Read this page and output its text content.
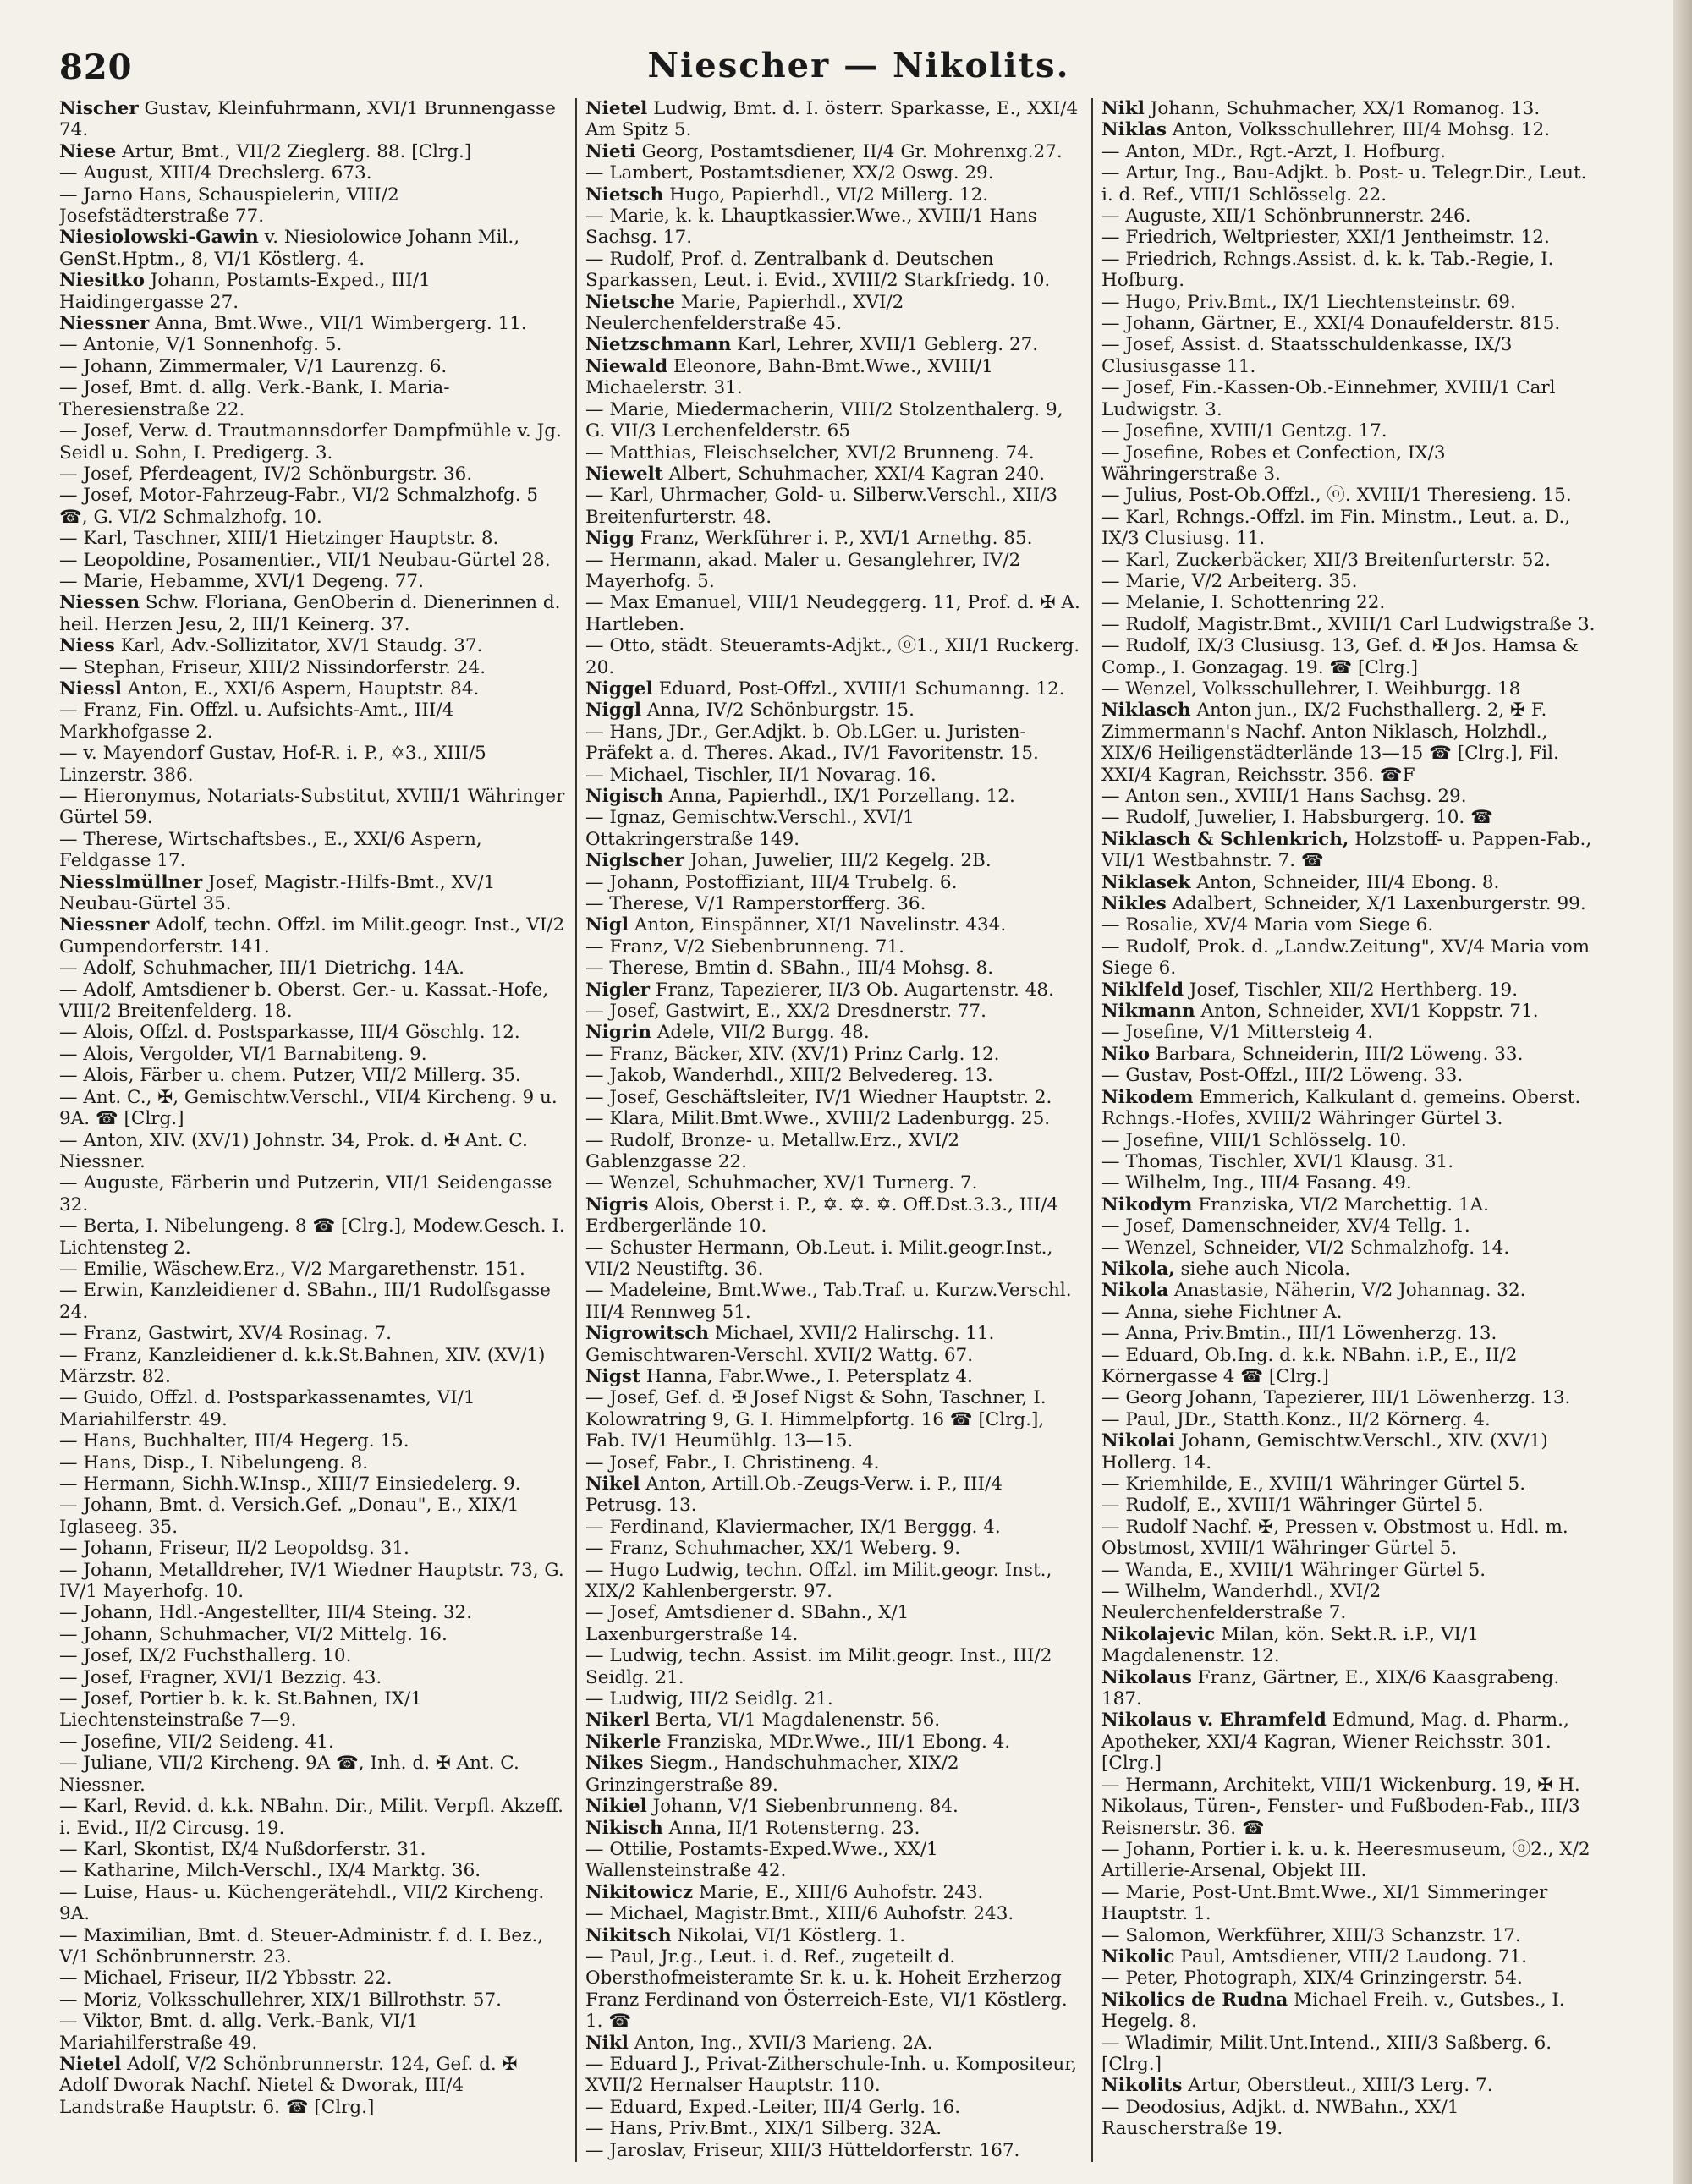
820	Niescher — Nikolits.
Nischer Gustav, Kleinfuhrmann, XVI/1 Brunnengasse 74.
Niese Artur, Bmt., VII/2 Zieglerg. 88. [Clrg.]
— August, XIII/4 Drechslerg. 673.
— Jarno Hans, Schauspielerin, VIII/2 Josefstädterstraße 77.
Niesiolowski-Gawin v. Niesiolowice Johann Mil., GenSt.Hptm., 8, VI/1 Köstlerg. 4.
Niesitko Johann, Postamts-Exped., III/1 Haidingergasse 27.
Niessner Anna, Bmt.Wwe., VII/1 Wimbergerg. 11.
— Antonie, V/1 Sonnenhofg. 5.
— Johann, Zimmermaler, V/1 Laurenzg. 6.
— Josef, Bmt. d. allg. Verk.-Bank, I. Maria-Theresienstraße 22.
— Josef, Verw. d. Trautmannsdorfer Dampfmühle v. Jg. Seidl u. Sohn, I. Predigerg. 3.
— Josef, Pferdeagent, IV/2 Schönburgstr. 36.
— Josef, Motor-Fahrzeug-Fabr., VI/2 Schmalzhofg. 5 ☎, G. VI/2 Schmalzhofg. 10.
— Karl, Taschner, XIII/1 Hietzinger Hauptstr. 8.
— Leopoldine, Posamentier., VII/1 Neubau-Gürtel 28.
— Marie, Hebamme, XVI/1 Degeng. 77.
Niessen Schw. Floriana, GenOberin d. Dienerinnen d. heil. Herzen Jesu, 2, III/1 Keinerg. 37.
Niess Karl, Adv.-Sollizitator, XV/1 Staudg. 37.
— Stephan, Friseur, XIII/2 Nissindorferstr. 24.
Niessl Anton, E., XXI/6 Aspern, Hauptstr. 84.
— Franz, Fin. Offzl. u. Aufsichts-Amt., III/4 Markhofgasse 2.
— v. Mayendorf Gustav, Hof-R. i. P., ✡3., XIII/5 Linzerstr. 386.
— Hieronymus, Notariats-Substitut, XVIII/1 Währinger Gürtel 59.
— Therese, Wirtschaftsbes., E., XXI/6 Aspern, Feldgasse 17.
Niesslmüllner Josef, Magistr.-Hilfs-Bmt., XV/1 Neubau-Gürtel 35.
Niessner Adolf, techn. Offzl. im Milit.geogr. Inst., VI/2 Gumpendorferstr. 141.
— Adolf, Schuhmacher, III/1 Dietrichg. 14A.
— Adolf, Amtsdiener b. Oberst. Ger.- u. Kassat.-Hofe, VIII/2 Breitenfelderg. 18.
— Alois, Offzl. d. Postsparkasse, III/4 Göschlg. 12.
— Alois, Vergolder, VI/1 Barnabiteng. 9.
— Alois, Färber u. chem. Putzer, VII/2 Millerg. 35.
— Ant. C., ✠, Gemischtw.Verschl., VII/4 Kircheng. 9 u. 9A. ☎ [Clrg.]
— Anton, XIV. (XV/1) Johnstr. 34, Prok. d. ✠ Ant. C. Niessner.
— Auguste, Färberin und Putzerin, VII/1 Seidengasse 32.
— Berta, I. Nibelungeng. 8 ☎ [Clrg.], Modew.Gesch. I. Lichtensteg 2.
— Emilie, Wäschew.Erz., V/2 Margarethenstr. 151.
— Erwin, Kanzleidiener d. SBahn., III/1 Rudolfsgasse 24.
— Franz, Gastwirt, XV/4 Rosinag. 7.
— Franz, Kanzleidiener d. k.k.St.Bahnen, XIV. (XV/1) Märzstr. 82.
— Guido, Offzl. d. Postsparkassenamtes, VI/1 Mariahilferstr. 49.
— Hans, Buchhalter, III/4 Hegerg. 15.
— Hans, Disp., I. Nibelungeng. 8.
— Hermann, Sichh.W.Insp., XIII/7 Einsiedelerg. 9.
— Johann, Bmt. d. Versich.Gef. „Donau", E., XIX/1 Iglaseeg. 35.
— Johann, Friseur, II/2 Leopoldsg. 31.
— Johann, Metalldreher, IV/1 Wiedner Hauptstr. 73, G. IV/1 Mayerhofg. 10.
— Johann, Hdl.-Angestellter, III/4 Steing. 32.
— Johann, Schuhmacher, VI/2 Mittelg. 16.
— Josef, IX/2 Fuchsthallerg. 10.
— Josef, Fragner, XVI/1 Bezzig. 43.
— Josef, Portier b. k. k. St.Bahnen, IX/1 Liechtensteinstraße 7—9.
— Josefine, VII/2 Seideng. 41.
— Juliane, VII/2 Kircheng. 9A ☎, Inh. d. ✠ Ant. C. Niessner.
— Karl, Revid. d. k.k. NBahn. Dir., Milit. Verpfl. Akzeff. i. Evid., II/2 Circusg. 19.
— Karl, Skontist, IX/4 Nußdorferstr. 31.
— Katharine, Milch-Verschl., IX/4 Marktg. 36.
— Luise, Haus- u. Küchengerätehdl., VII/2 Kircheng. 9A.
— Maximilian, Bmt. d. Steuer-Administr. f. d. I. Bez., V/1 Schönbrunnerstr. 23.
— Michael, Friseur, II/2 Ybbsstr. 22.
— Moriz, Volksschullehrer, XIX/1 Billrothstr. 57.
— Viktor, Bmt. d. allg. Verk.-Bank, VI/1 Mariahilferstraße 49.
Nietel Adolf, V/2 Schönbrunnerstr. 124, Gef. d. ✠ Adolf Dworak Nachf. Nietel & Dworak, III/4 Landstraße Hauptstr. 6. ☎ [Clrg.]
Nietel Ludwig, Bmt. d. I. österr. Sparkasse, E., XXI/4 Am Spitz 5.
Nieti Georg, Postamtsdiener, II/4 Gr. Mohrenxg.27.
— Lambert, Postamtsdiener, XX/2 Oswg. 29.
Nietsch Hugo, Papierhdl., VI/2 Millerg. 12.
— Marie, k. k. Lhauptkassier.Wwe., XVIII/1 Hans Sachsg. 17.
— Rudolf, Prof. d. Zentralbank d. Deutschen Sparkassen, Leut. i. Evid., XVIII/2 Starkfriedg. 10.
Nietsche Marie, Papierhdl., XVI/2 Neulerchenfelderstraße 45.
Nietzschmann Karl, Lehrer, XVII/1 Geblerg. 27.
Niewald Eleonore, Bahn-Bmt.Wwe., XVIII/1 Michaelerstr. 31.
— Marie, Miedermacherin, VIII/2 Stolzenthalerg. 9, G. VII/3 Lerchenfelderstr. 65
— Matthias, Fleischselcher, XVI/2 Brunneng. 74.
Niewelt Albert, Schuhmacher, XXI/4 Kagran 240.
— Karl, Uhrmacher, Gold- u. Silberw.Verschl., XII/3 Breitenfurterstr. 48.
Nigg Franz, Werkführer i. P., XVI/1 Arnethg. 85.
— Hermann, akad. Maler u. Gesanglehrer, IV/2 Mayerhofg. 5.
— Max Emanuel, VIII/1 Neudeggerg. 11, Prof. d. ✠ A. Hartleben.
— Otto, städt. Steueramts-Adjkt., ⓞ1., XII/1 Ruckerg. 20.
Niggel Eduard, Post-Offzl., XVIII/1 Schumanng. 12.
Niggl Anna, IV/2 Schönburgstr. 15.
— Hans, JDr., Ger.Adjkt. b. Ob.LGer. u. Juristen-Präfekt a. d. Theres. Akad., IV/1 Favoritenstr. 15.
— Michael, Tischler, II/1 Novarag. 16.
Nigisch Anna, Papierhdl., IX/1 Porzellang. 12.
— Ignaz, Gemischtw.Verschl., XVI/1 Ottakringerstraße 149.
Niglscher Johan, Juwelier, III/2 Kegelg. 2B.
— Johann, Postoffiziant, III/4 Trubelg. 6.
— Therese, V/1 Ramperstorfferg. 36.
Nigl Anton, Einspänner, XI/1 Navelinstr. 434.
— Franz, V/2 Siebenbrunneng. 71.
— Therese, Bmtin d. SBahn., III/4 Mohsg. 8.
Nigler Franz, Tapezierer, II/3 Ob. Augartenstr. 48.
— Josef, Gastwirt, E., XX/2 Dresdnerstr. 77.
Nigrin Adele, VII/2 Burgg. 48.
— Franz, Bäcker, XIV. (XV/1) Prinz Carlg. 12.
— Jakob, Wanderhdl., XIII/2 Belvedereg. 13.
— Josef, Geschäftsleiter, IV/1 Wiedner Hauptstr. 2.
— Klara, Milit.Bmt.Wwe., XVIII/2 Ladenburgg. 25.
— Rudolf, Bronze- u. Metallw.Erz., XVI/2 Gablenzgasse 22.
— Wenzel, Schuhmacher, XV/1 Turnerg. 7.
Nigris Alois, Oberst i. P., ✡. ✡. ✡. Off.Dst.3.3., III/4 Erdbergerlände 10.
— Schuster Hermann, Ob.Leut. i. Milit.geogr.Inst., VII/2 Neustiftg. 36.
— Madeleine, Bmt.Wwe., Tab.Traf. u. Kurzw.Verschl. III/4 Rennweg 51.
Nigrowitsch Michael, XVII/2 Halirschg. 11. Gemischtwaren-Verschl. XVII/2 Wattg. 67.
Nigst Hanna, Fabr.Wwe., I. Petersplatz 4.
— Josef, Gef. d. ✠ Josef Nigst & Sohn, Taschner, I. Kolowratring 9, G. I. Himmelpfortg. 16 ☎ [Clrg.], Fab. IV/1 Heumühlg. 13—15.
— Josef, Fabr., I. Christineng. 4.
Nikel Anton, Artill.Ob.-Zeugs-Verw. i. P., III/4 Petrusg. 13.
— Ferdinand, Klaviermacher, IX/1 Berggg. 4.
— Franz, Schuhmacher, XX/1 Weberg. 9.
— Hugo Ludwig, techn. Offzl. im Milit.geogr. Inst., XIX/2 Kahlenbergerstr. 97.
— Josef, Amtsdiener d. SBahn., X/1 Laxenburgerstraße 14.
— Ludwig, techn. Assist. im Milit.geogr. Inst., III/2 Seidlg. 21.
— Ludwig, III/2 Seidlg. 21.
Nikerl Berta, VI/1 Magdalenenstr. 56.
Nikerle Franziska, MDr.Wwe., III/1 Ebong. 4.
Nikes Siegm., Handschuhmacher, XIX/2 Grinzingerstraße 89.
Nikiel Johann, V/1 Siebenbrunneng. 84.
Nikisch Anna, II/1 Rotensterng. 23.
— Ottilie, Postamts-Exped.Wwe., XX/1 Wallensteinstraße 42.
Nikitowicz Marie, E., XIII/6 Auhofstr. 243.
— Michael, Magistr.Bmt., XIII/6 Auhofstr. 243.
Nikitsch Nikolai, VI/1 Köstlerg. 1.
— Paul, Jr.g., Leut. i. d. Ref., zugeteilt d. Obersthofmeisteramte Sr. k. u. k. Hoheit Erzherzog Franz Ferdinand von Österreich-Este, VI/1 Köstlerg. 1. ☎
Nikl Anton, Ing., XVII/3 Marieng. 2A.
— Eduard J., Privat-Zitherschule-Inh. u. Kompositeur, XVII/2 Hernalser Hauptstr. 110.
— Eduard, Exped.-Leiter, III/4 Gerlg. 16.
— Hans, Priv.Bmt., XIX/1 Silberg. 32A.
— Jaroslav, Friseur, XIII/3 Hütteldorferstr. 167.
Nikl Johann, Schuhmacher, XX/1 Romanog. 13.
Niklas Anton, Volksschullehrer, III/4 Mohsg. 12.
— Anton, MDr., Rgt.-Arzt, I. Hofburg.
— Artur, Ing., Bau-Adjkt. b. Post- u. Telegr.Dir., Leut. i. d. Ref., VIII/1 Schlösselg. 22.
— Auguste, XII/1 Schönbrunnerstr. 246.
— Friedrich, Weltpriester, XXI/1 Jentheimstr. 12.
— Friedrich, Rchngs.Assist. d. k. k. Tab.-Regie, I. Hofburg.
— Hugo, Priv.Bmt., IX/1 Liechtensteinstr. 69.
— Johann, Gärtner, E., XXI/4 Donaufelderstr. 815.
— Josef, Assist. d. Staatsschuldenkasse, IX/3 Clusiusgasse 11.
— Josef, Fin.-Kassen-Ob.-Einnehmer, XVIII/1 Carl Ludwigstr. 3.
— Josefine, XVIII/1 Gentzg. 17.
— Josefine, Robes et Confection, IX/3 Währingerstraße 3.
— Julius, Post-Ob.Offzl., ⓞ. XVIII/1 Theresieng. 15.
— Karl, Rchngs.-Offzl. im Fin. Minstm., Leut. a. D., IX/3 Clusiusg. 11.
— Karl, Zuckerbäcker, XII/3 Breitenfurterstr. 52.
— Marie, V/2 Arbeiterg. 35.
— Melanie, I. Schottenring 22.
— Rudolf, Magistr.Bmt., XVIII/1 Carl Ludwigstraße 3.
— Rudolf, IX/3 Clusiusg. 13, Gef. d. ✠ Jos. Hamsa & Comp., I. Gonzagag. 19. ☎ [Clrg.]
— Wenzel, Volksschullehrer, I. Weihburgg. 18
Niklasch Anton jun., IX/2 Fuchsthallerg. 2, ✠ F. Zimmermann's Nachf. Anton Niklasch, Holzhdl., XIX/6 Heiligenstädterlände 13—15 ☎ [Clrg.], Fil. XXI/4 Kagran, Reichsstr. 356. ☎F
— Anton sen., XVIII/1 Hans Sachsg. 29.
— Rudolf, Juwelier, I. Habsburgerg. 10. ☎
Niklasch & Schlenkrich, Holzstoff- u. Pappen-Fab., VII/1 Westbahnstr. 7. ☎
Niklasek Anton, Schneider, III/4 Ebong. 8.
Nikles Adalbert, Schneider, X/1 Laxenburgerstr. 99.
— Rosalie, XV/4 Maria vom Siege 6.
— Rudolf, Prok. d. „Landw.Zeitung", XV/4 Maria vom Siege 6.
Niklfeld Josef, Tischler, XII/2 Herthberg. 19.
Nikmann Anton, Schneider, XVI/1 Koppstr. 71.
— Josefine, V/1 Mittersteig 4.
Niko Barbara, Schneiderin, III/2 Löweng. 33.
— Gustav, Post-Offzl., III/2 Löweng. 33.
Nikodem Emmerich, Kalkulant d. gemeins. Oberst. Rchngs.-Hofes, XVIII/2 Währinger Gürtel 3.
— Josefine, VIII/1 Schlösselg. 10.
— Thomas, Tischler, XVI/1 Klausg. 31.
— Wilhelm, Ing., III/4 Fasang. 49.
Nikodym Franziska, VI/2 Marchettig. 1A.
— Josef, Damenschneider, XV/4 Tellg. 1.
— Wenzel, Schneider, VI/2 Schmalzhofg. 14.
Nikola, siehe auch Nicola.
Nikola Anastasie, Näherin, V/2 Johannag. 32.
— Anna, siehe Fichtner A.
— Anna, Priv.Bmtin., III/1 Löwenherzg. 13.
— Eduard, Ob.Ing. d. k.k. NBahn. i.P., E., II/2 Körnergasse 4 ☎ [Clrg.]
— Georg Johann, Tapezierer, III/1 Löwenherzg. 13.
— Paul, JDr., Statth.Konz., II/2 Körnerg. 4.
Nikolai Johann, Gemischtw.Verschl., XIV. (XV/1) Hollerg. 14.
— Kriemhilde, E., XVIII/1 Währinger Gürtel 5.
— Rudolf, E., XVIII/1 Währinger Gürtel 5.
— Rudolf Nachf. ✠, Pressen v. Obstmost u. Hdl. m. Obstmost, XVIII/1 Währinger Gürtel 5.
— Wanda, E., XVIII/1 Währinger Gürtel 5.
— Wilhelm, Wanderhdl., XVI/2 Neulerchenfelderstraße 7.
Nikolajevic Milan, kön. Sekt.R. i.P., VI/1 Magdalenenstr. 12.
Nikolaus Franz, Gärtner, E., XIX/6 Kaasgrabeng. 187.
Nikolaus v. Ehramfeld Edmund, Mag. d. Pharm., Apotheker, XXI/4 Kagran, Wiener Reichsstr. 301. [Clrg.]
— Hermann, Architekt, VIII/1 Wickenburg. 19, ✠ H. Nikolaus, Türen-, Fenster- und Fußboden-Fab., III/3 Reisnerstr. 36. ☎
— Johann, Portier i. k. u. k. Heeresmuseum, ⓞ2., X/2 Artillerie-Arsenal, Objekt III.
— Marie, Post-Unt.Bmt.Wwe., XI/1 Simmeringer Hauptstr. 1.
— Salomon, Werkführer, XIII/3 Schanzstr. 17.
Nikolic Paul, Amtsdiener, VIII/2 Laudong. 71.
— Peter, Photograph, XIX/4 Grinzingerstr. 54.
Nikolics de Rudna Michael Freih. v., Gutsbes., I. Hegelg. 8.
— Wladimir, Milit.Unt.Intend., XIII/3 Saßberg. 6. [Clrg.]
Nikolits Artur, Oberstleut., XIII/3 Lerg. 7.
— Deodosius, Adjkt. d. NWBahn., XX/1 Rauscherstraße 19.
